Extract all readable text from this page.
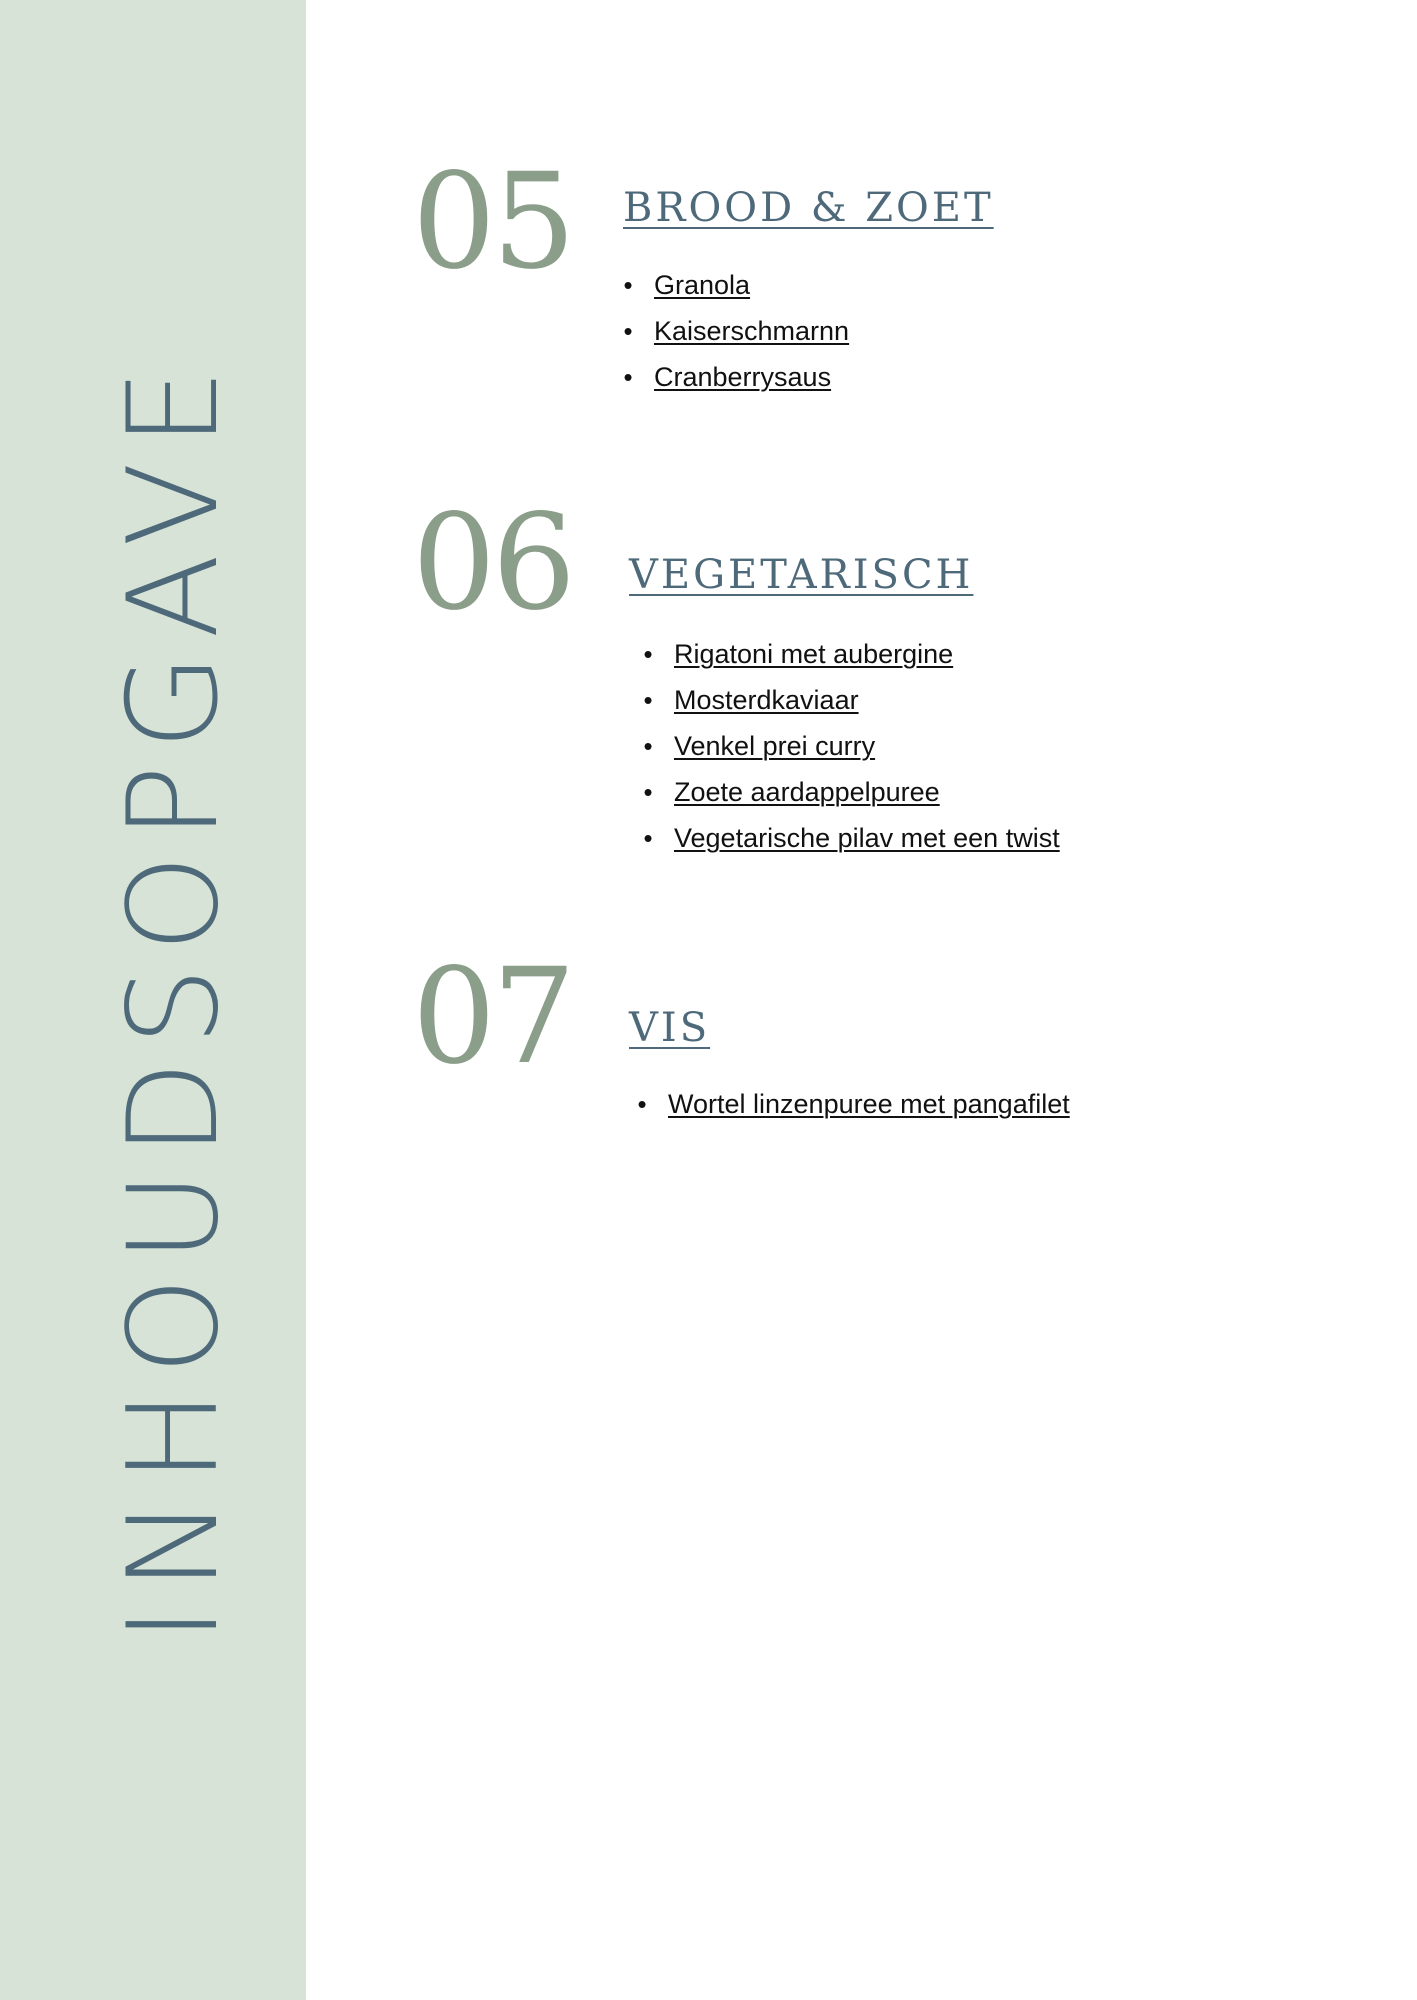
INHOUDSOPGAVE
05 BROOD & ZOET
• Granola
• Kaiserschmarnn
• Cranberrysaus
06 VEGETARISCH
• Rigatoni met aubergine
• Mosterdkaviaar
• Venkel prei curry
• Zoete aardappelpuree
• Vegetarische pilav met een twist
07 VIS
• Wortel linzenpuree met pangafilet
